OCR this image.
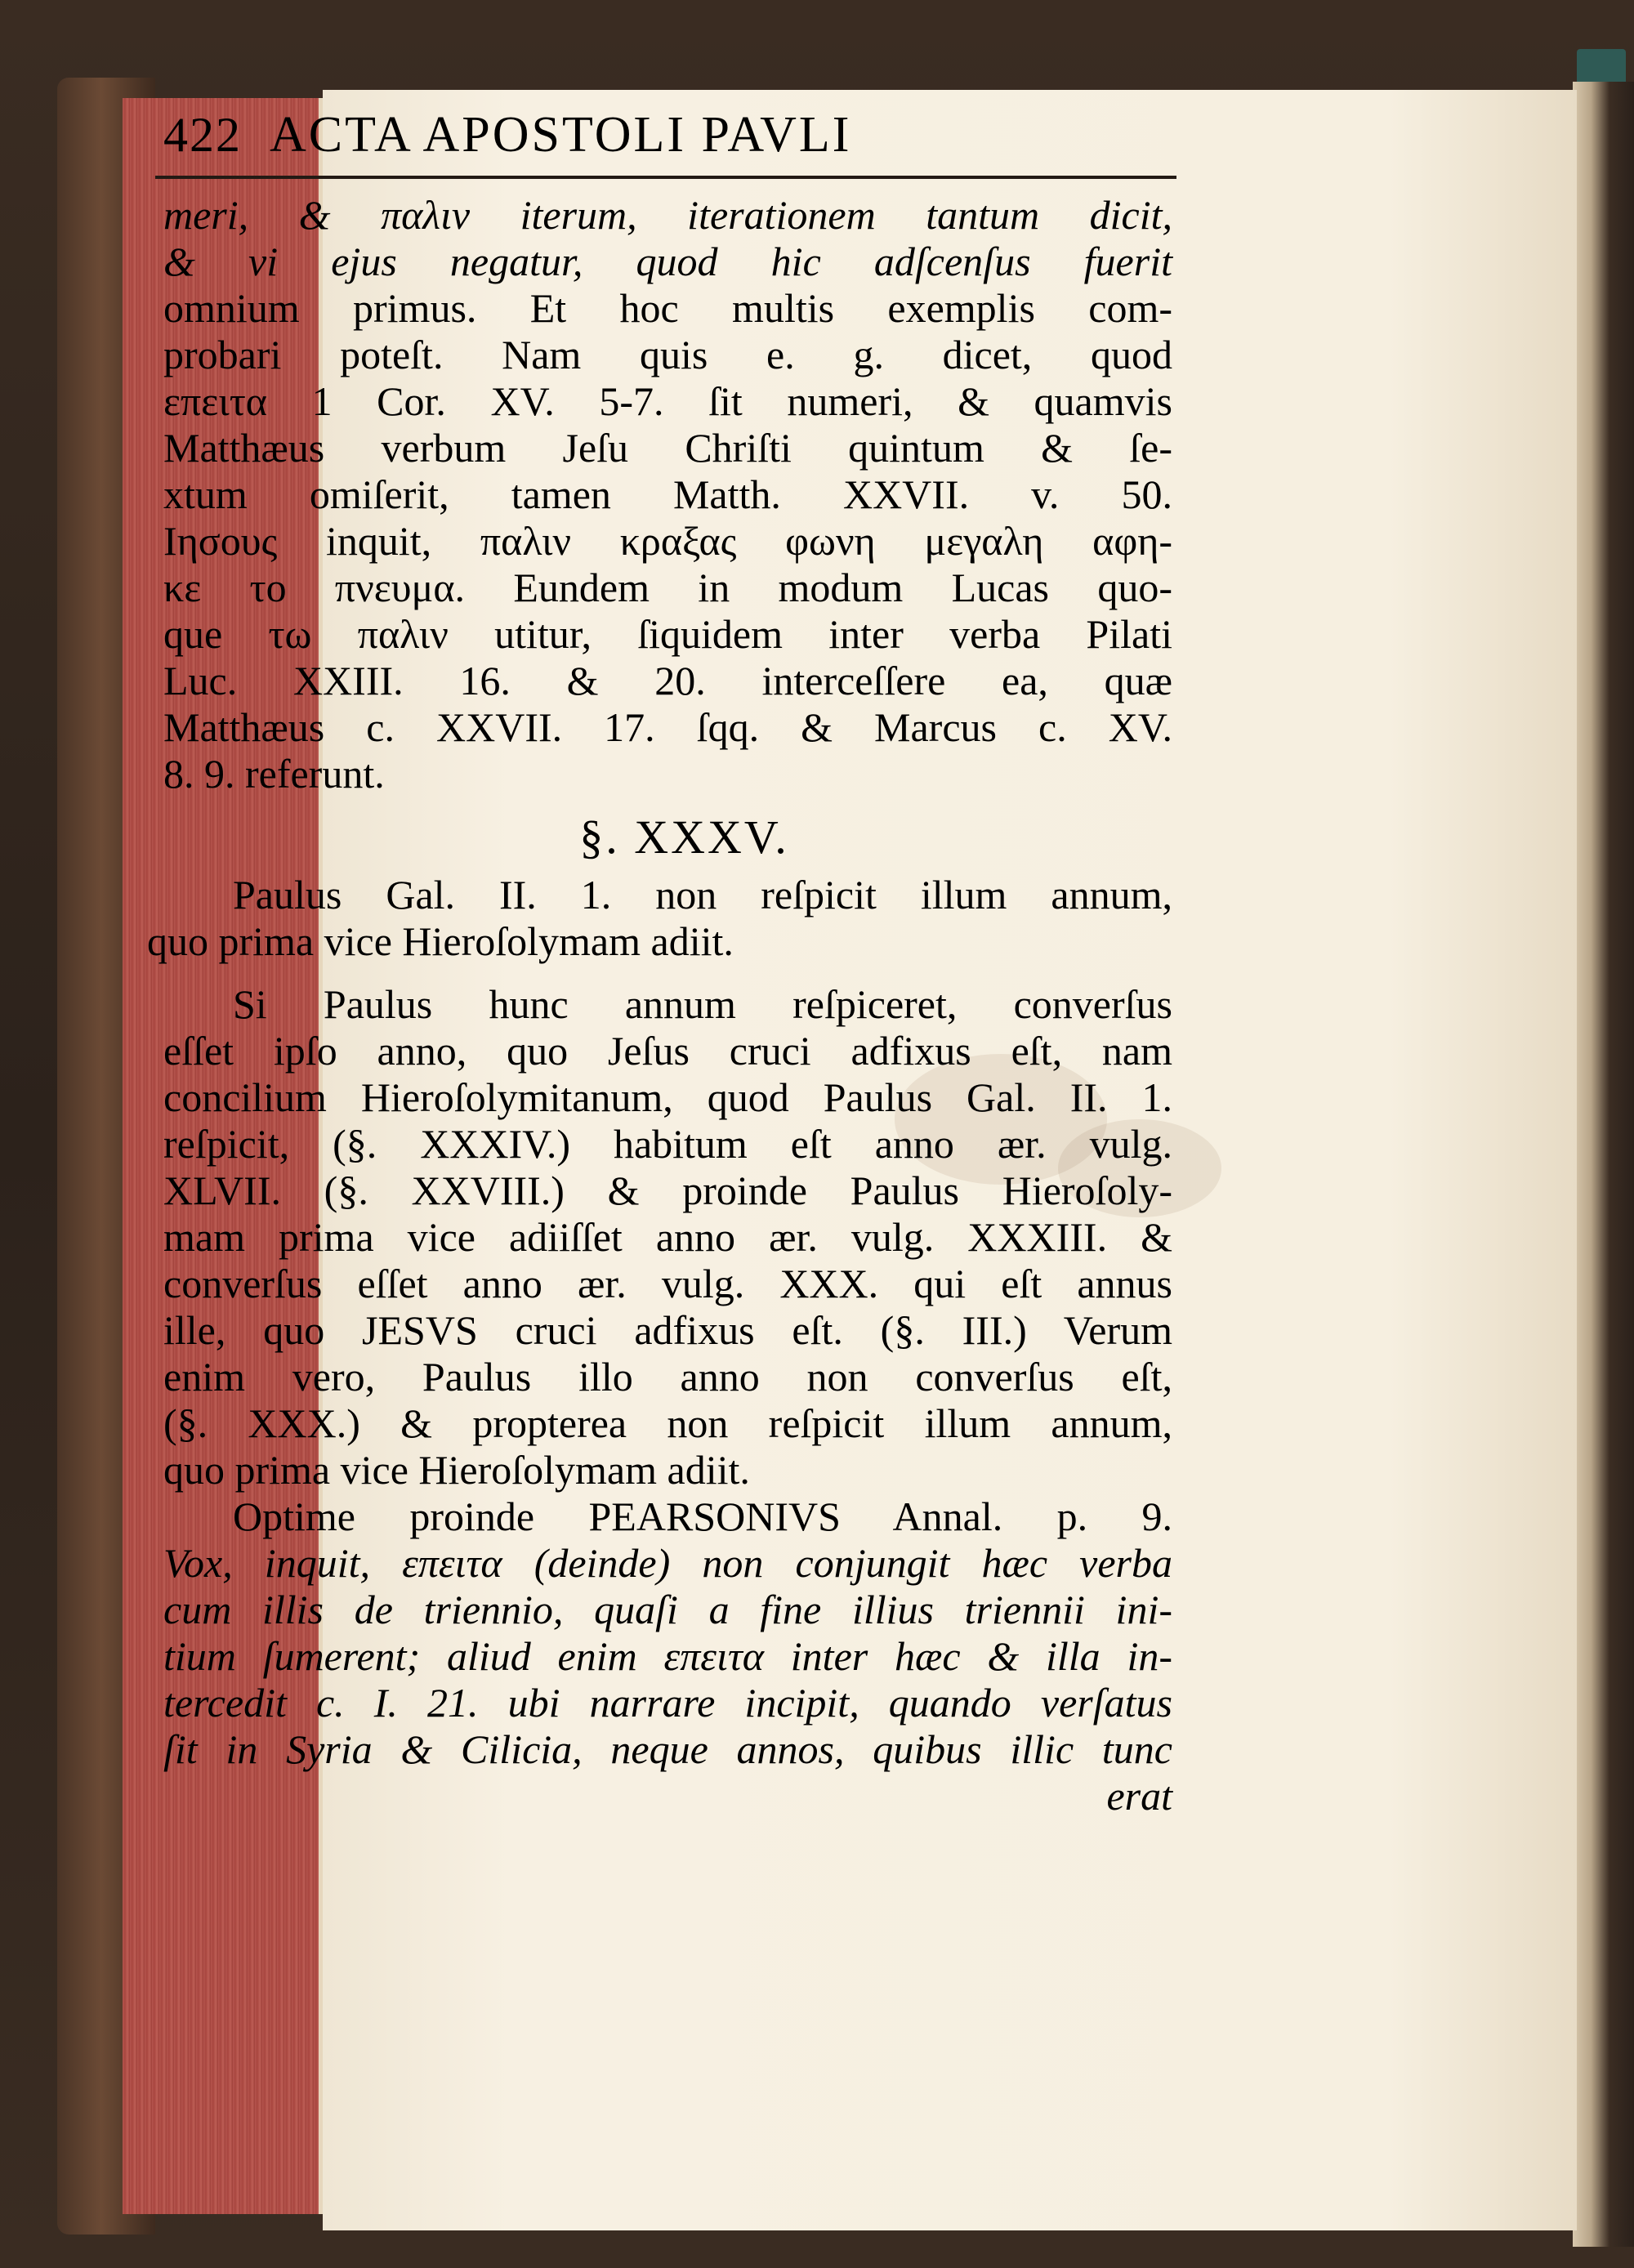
422 ACTA APOSTOLI PAVLI
meri, & παλιν iterum, iterationem tantum dicit,
& vi ejus negatur, quod hic adſcenſus fuerit
omnium primus. Et hoc multis exemplis com-
probari poteſt. Nam quis e. g. dicet, quod
επειτα 1 Cor. XV. 5-7. ſit numeri, & quamvis
Matthæus verbum Jeſu Chriſti quintum & ſe-
xtum omiſerit, tamen Matth. XXVII. v. 50.
Ιησους inquit, παλιν κραξας φωνη μεγαλη αφη-
κε το πνευμα. Eundem in modum Lucas quo-
que τω παλιν utitur, ſiquidem inter verba Pilati
Luc. XXIII. 16. & 20. interceſſere ea, quæ
Matthæus c. XXVII. 17. ſqq. & Marcus c. XV.
8. 9. referunt.
§. XXXV.
Paulus Gal. II. 1. non reſpicit illum annum,
quo prima vice Hieroſolymam adiit.
Si Paulus hunc annum reſpiceret, converſus
eſſet ipſo anno, quo Jeſus cruci adfixus eſt, nam
concilium Hieroſolymitanum, quod Paulus Gal. II. 1.
reſpicit, (§. XXXIV.) habitum eſt anno ær. vulg.
XLVII. (§. XXVIII.) & proinde Paulus Hieroſoly-
mam prima vice adiiſſet anno ær. vulg. XXXIII. &
converſus eſſet anno ær. vulg. XXX. qui eſt annus
ille, quo JESVS cruci adfixus eſt. (§. III.) Verum
enim vero, Paulus illo anno non converſus eſt,
(§. XXX.) & propterea non reſpicit illum annum,
quo prima vice Hieroſolymam adiit.
Optime proinde PEARSONIVS Annal. p. 9.
Vox, inquit, επειτα (deinde) non conjungit hæc verba
cum illis de triennio, quaſi a fine illius triennii ini-
tium ſumerent; aliud enim επειτα inter hæc & illa in-
tercedit c. I. 21. ubi narrare incipit, quando verſatus
ſit in Syria & Cilicia, neque annos, quibus illic tunc
erat
